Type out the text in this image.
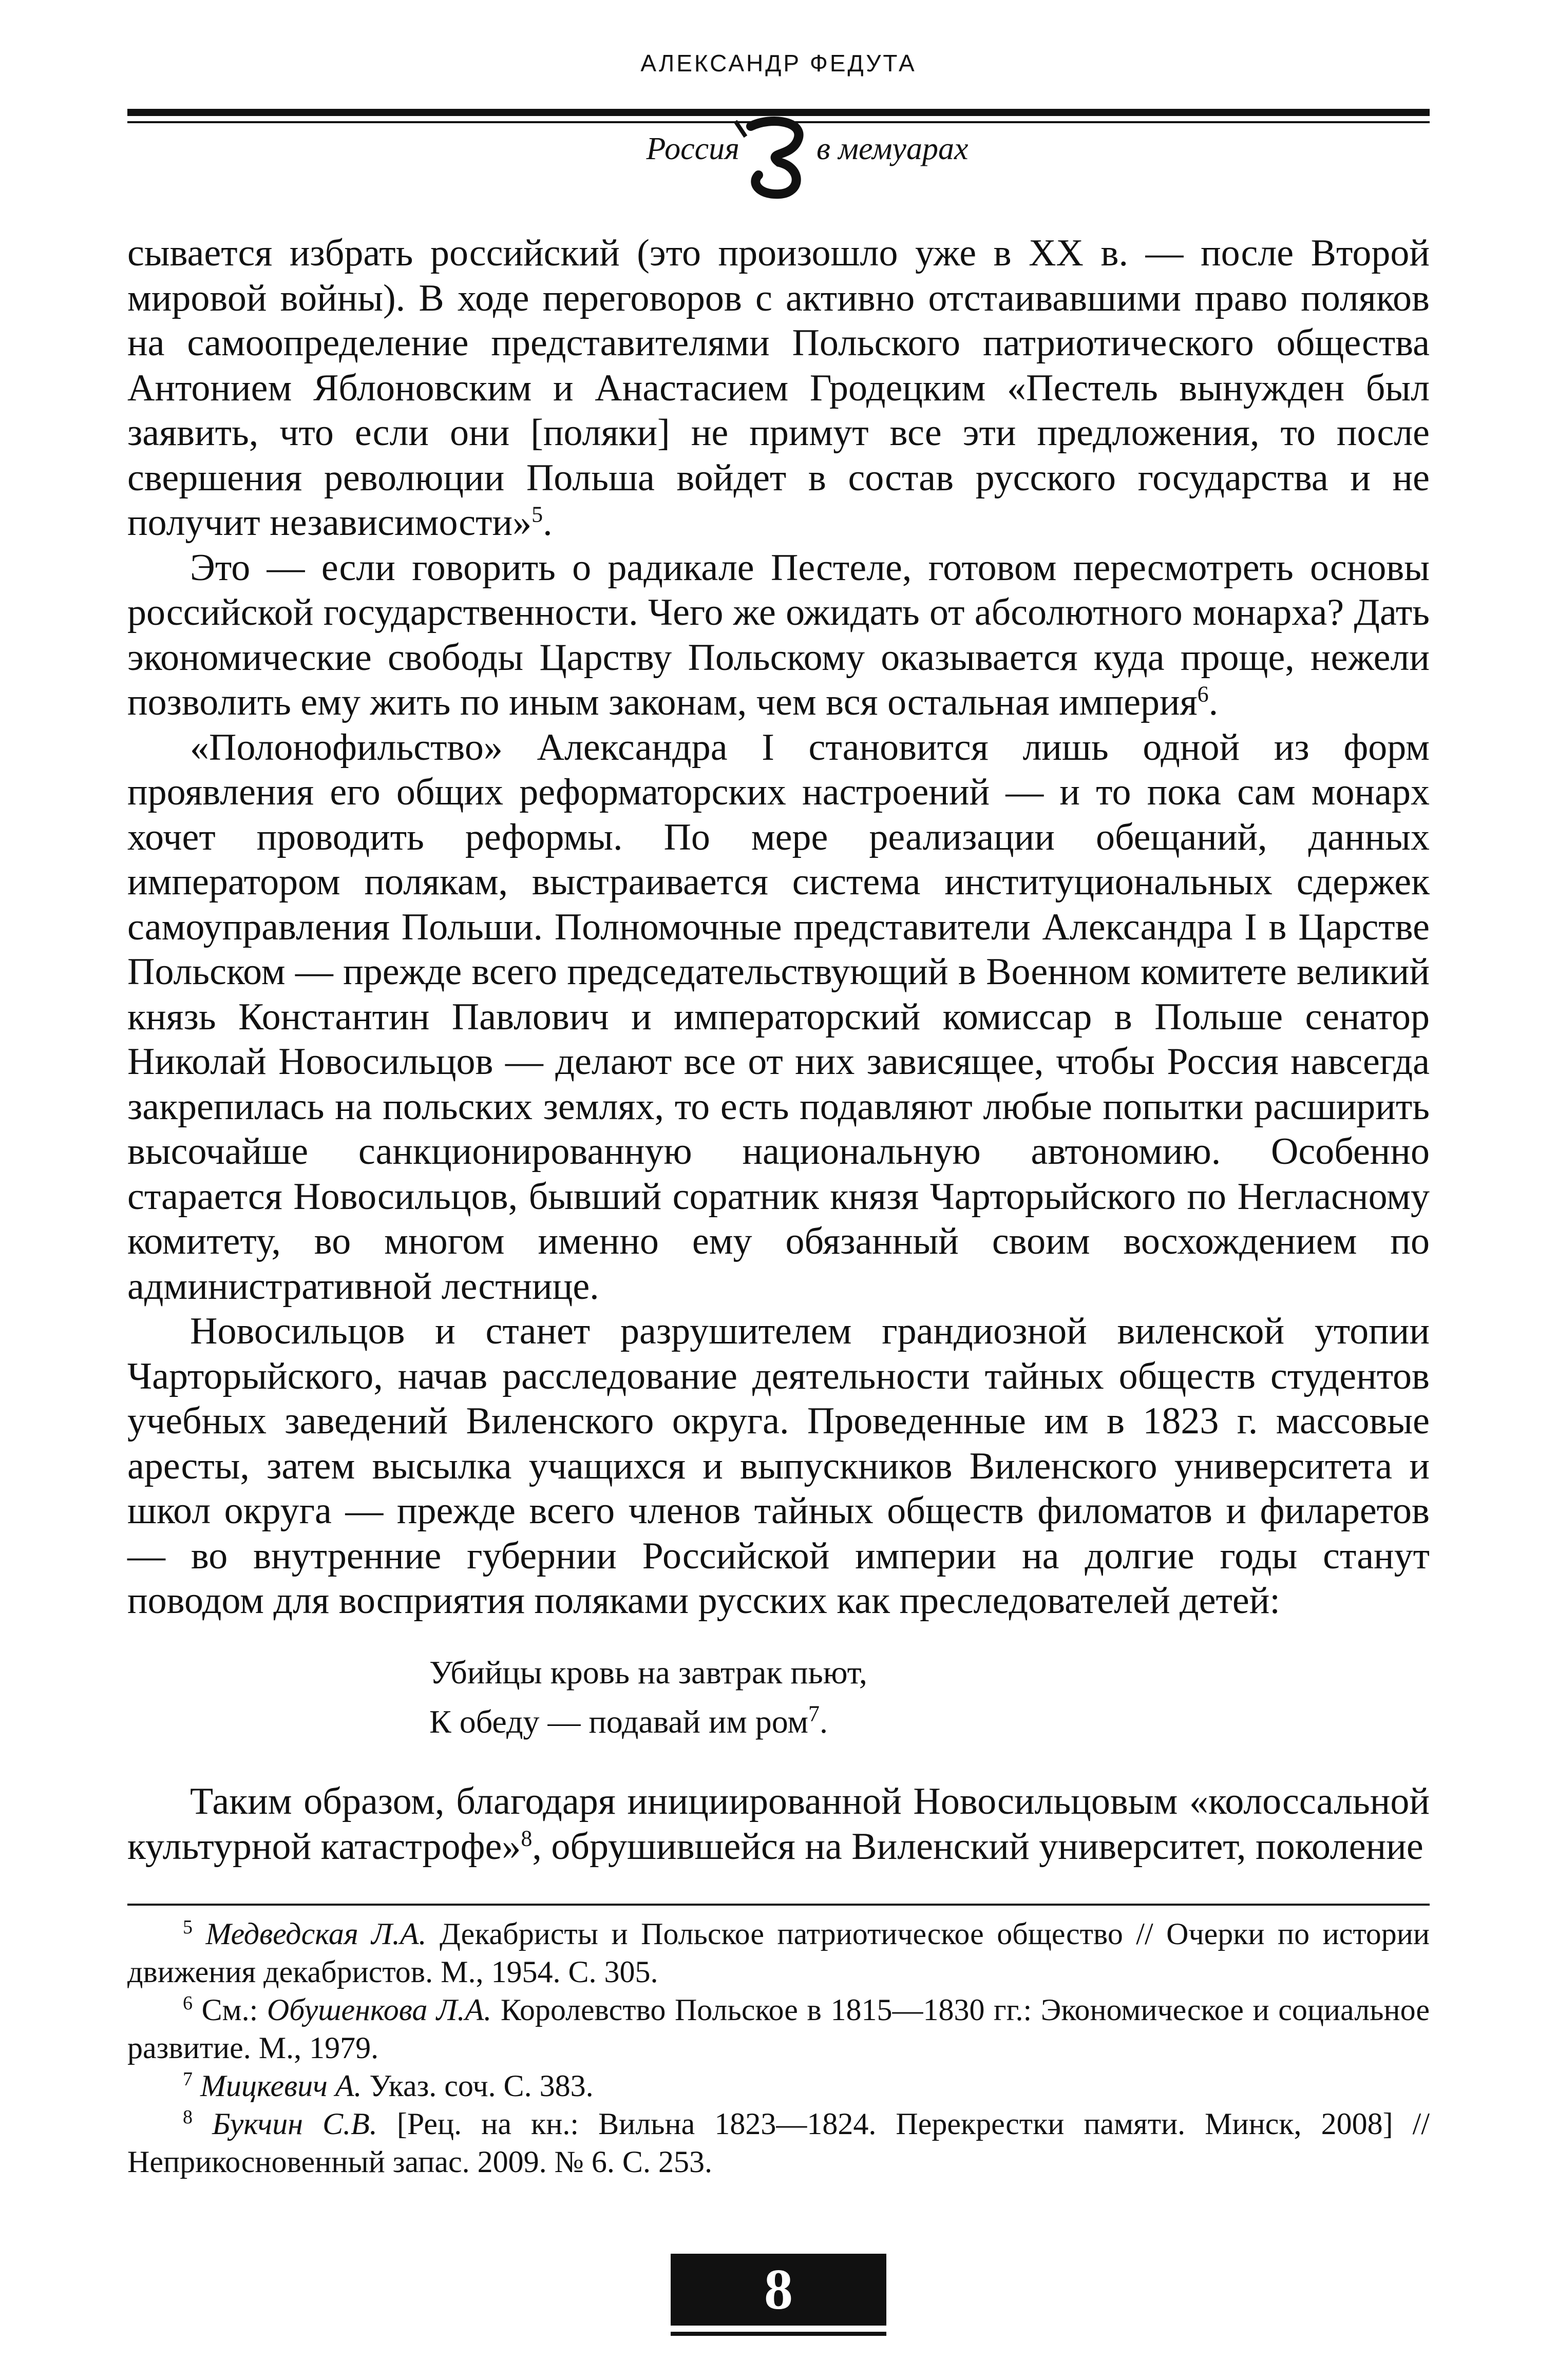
АЛЕКСАНДР ФЕДУТА
Россия в мемуарах

сывается избрать российский (это произошло уже в XX в. — после Второй мировой войны). В ходе переговоров с активно отстаивавшими право поляков на самоопределение представителями Польского патриотического общества Антонием Яблоновским и Анастасием Гродецким «Пестель вынужден был заявить, что если они [поляки] не примут все эти предложения, то после свершения революции Польша войдет в состав русского государства и не получит независимости»$^5$.

Это — если говорить о радикале Пестеле, готовом пересмотреть основы российской государственности. Чего же ожидать от абсолютного монарха? Дать экономические свободы Царству Польскому оказывается куда проще, нежели позволить ему жить по иным законам, чем вся остальная империя$^6$.

«Полонофильство» Александра I становится лишь одной из форм проявления его общих реформаторских настроений — и то пока сам монарх хочет проводить реформы. По мере реализации обещаний, данных императором полякам, выстраивается система институциональных сдержек самоуправления Польши. Полномочные представители Александра I в Царстве Польском — прежде всего председательствующий в Военном комитете великий князь Константин Павлович и императорский комиссар в Польше сенатор Николай Новосильцов — делают все от них зависящее, чтобы Россия навсегда закрепилась на польских землях, то есть подавляют любые попытки расширить высочайше санкционированную национальную автономию. Особенно старается Новосильцов, бывший соратник князя Чарторыйского по Негласному комитету, во многом именно ему обязанный своим восхождением по административной лестнице.

Новосильцов и станет разрушителем грандиозной виленской утопии Чарторыйского, начав расследование деятельности тайных обществ студентов учебных заведений Виленского округа. Проведенные им в 1823 г. массовые аресты, затем высылка учащихся и выпускников Виленского университета и школ округа — прежде всего членов тайных обществ филоматов и филаретов — во внутренние губернии Российской империи на долгие годы станут поводом для восприятия поляками русских как преследователей детей:

Убийцы кровь на завтрак пьют,
К обеду — подавай им ром$^7$.
Таким образом, благодаря инициированной Новосильцовым «колоссальной культурной катастрофе»$^8$, обрушившейся на Виленский университет, поколение

$^5$ Медведская Л.А. Декабристы и Польское патриотическое общество // Очерки по истории движения декабристов. М., 1954. С. 305.

$^6$ См.: Обушенкова Л.А. Королевство Польское в 1815—1830 гг.: Экономическое и социальное развитие. М., 1979.

$^7$ Мицкевич А. Указ. соч. С. 383.

$^8$ Букчин С.В. [Рец. на кн.: Вильна 1823—1824. Перекрестки памяти. Минск, 2008] // Неприкосновенный запас. 2009. № 6. С. 253.

8
